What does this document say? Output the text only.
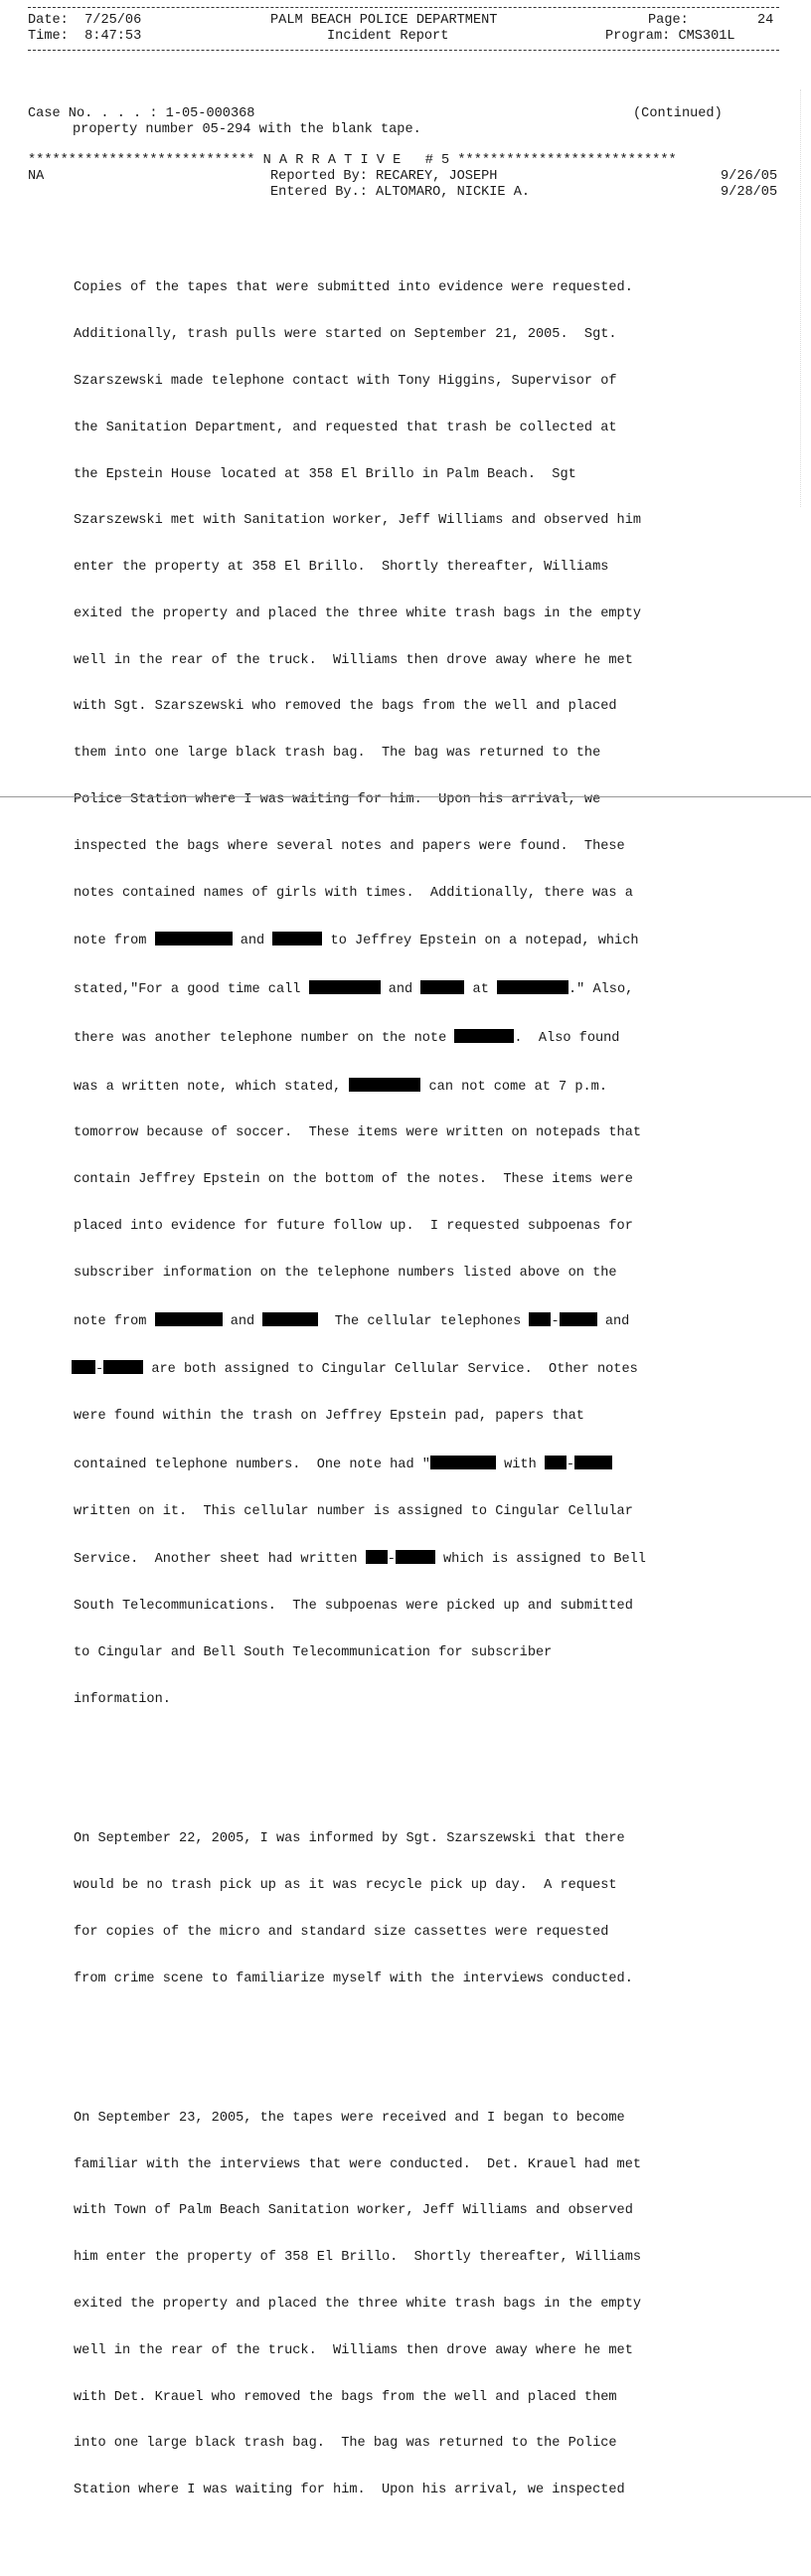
Date: 7/25/06
Time: 8:47:53
PALM BEACH POLICE DEPARTMENT
Incident Report
Page:	24
Program: CMS301L
Case No. . . . : 1-05-000368	(Continued)
property number 05-294 with the blank tape.
**************************** N A R R A T I V E   # 5 ***************************
NA	Reported By: RECAREY, JOSEPH	9/26/05
Entered By.: ALTOMARO, NICKIE A.	9/28/05

Copies of the tapes that were submitted into evidence were requested.

Additionally, trash pulls were started on September 21, 2005.  Sgt.

Szarszewski made telephone contact with Tony Higgins, Supervisor of

the Sanitation Department, and requested that trash be collected at

the Epstein House located at 358 El Brillo in Palm Beach.  Sgt

Szarszewski met with Sanitation worker, Jeff Williams and observed him

enter the property at 358 El Brillo.  Shortly thereafter, Williams

exited the property and placed the three white trash bags in the empty

well in the rear of the truck.  Williams then drove away where he met

with Sgt. Szarszewski who removed the bags from the well and placed

them into one large black trash bag.  The bag was returned to the

Police Station where I was waiting for him.  Upon his arrival, we

inspected the bags where several notes and papers were found.  These

notes contained names of girls with times.  Additionally, there was a

note from	and	to Jeffrey Epstein on a notepad, which

stated,"For a good time call	and	at	." Also,

there was another telephone number on the note	.  Also found

was a written note, which stated,	can not come at 7 p.m.

tomorrow because of soccer.  These items were written on notepads that

contain Jeffrey Epstein on the bottom of the notes.  These items were

placed into evidence for future follow up.  I requested subpoenas for

subscriber information on the telephone numbers listed above on the

note from	and	The cellular telephones -	and

-	are both assigned to Cingular Cellular Service.  Other notes

were found within the trash on Jeffrey Epstein pad, papers that

contained telephone numbers.  One note had "	with -

written on it.  This cellular number is assigned to Cingular Cellular

Service.  Another sheet had written -	which is assigned to Bell

South Telecommunications.  The subpoenas were picked up and submitted

to Cingular and Bell South Telecommunication for subscriber

information.

On September 22, 2005, I was informed by Sgt. Szarszewski that there

would be no trash pick up as it was recycle pick up day.  A request

for copies of the micro and standard size cassettes were requested

from crime scene to familiarize myself with the interviews conducted.

On September 23, 2005, the tapes were received and I began to become

familiar with the interviews that were conducted.  Det. Krauel had met

with Town of Palm Beach Sanitation worker, Jeff Williams and observed

him enter the property of 358 El Brillo.  Shortly thereafter, Williams

exited the property and placed the three white trash bags in the empty

well in the rear of the truck.  Williams then drove away where he met

with Det. Krauel who removed the bags from the well and placed them

into one large black trash bag.  The bag was returned to the Police

Station where I was waiting for him.  Upon his arrival, we inspected
